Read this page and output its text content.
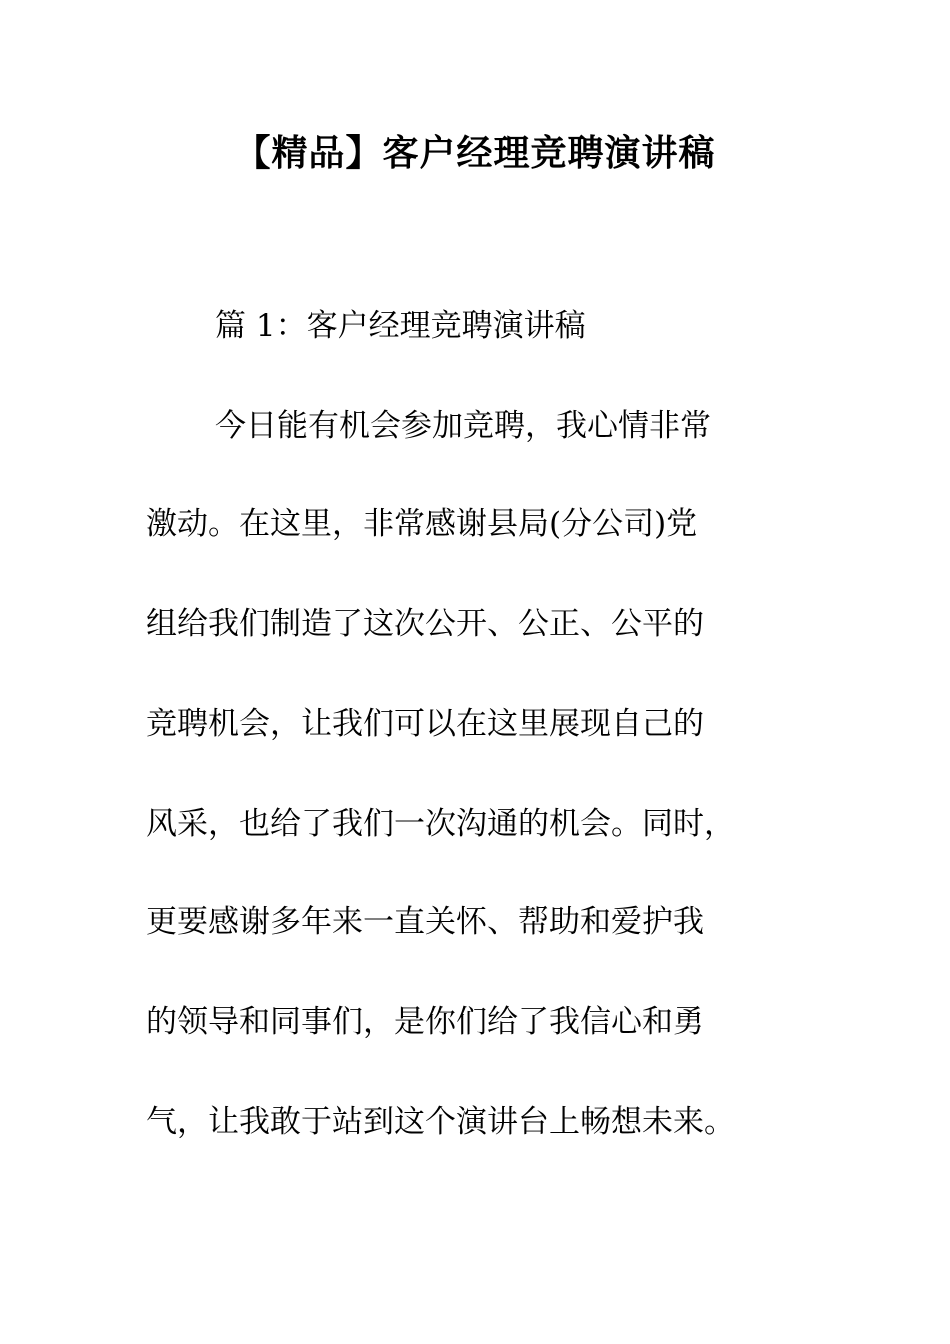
【精品】客户经理竞聘演讲稿

篇 1：客户经理竞聘演讲稿

今日能有机会参加竞聘，我心情非常

激动。在这里，非常感谢县局(分公司)党

组给我们制造了这次公开、公正、公平的

竞聘机会，让我们可以在这里展现自己的

风采，也给了我们一次沟通的机会。同时，

更要感谢多年来一直关怀、帮助和爱护我

的领导和同事们，是你们给了我信心和勇

气，让我敢于站到这个演讲台上畅想未来。
